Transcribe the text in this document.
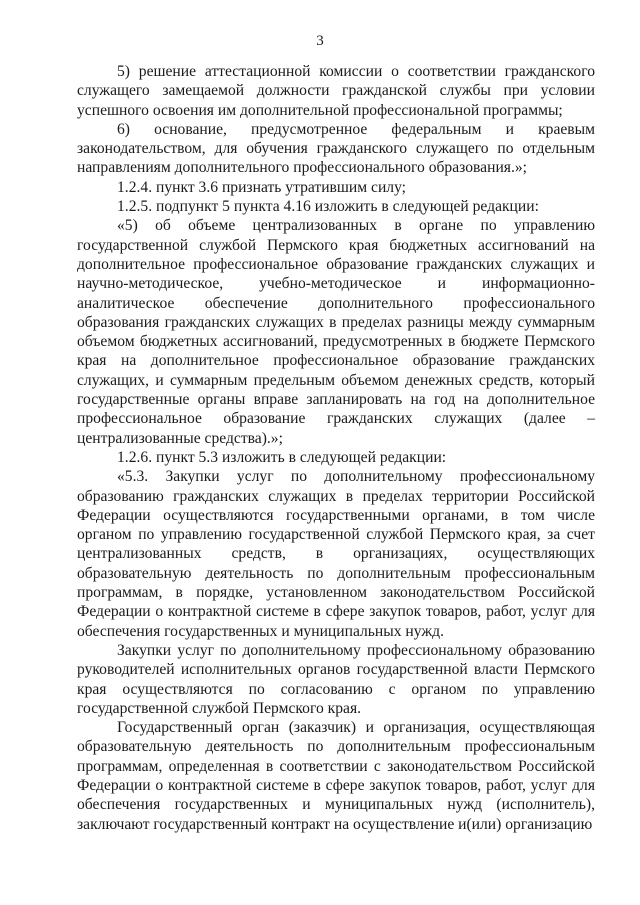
3

5) решение аттестационной комиссии о соответствии гражданского служащего замещаемой должности гражданской службы при условии успешного освоения им дополнительной профессиональной программы;

6) основание, предусмотренное федеральным и краевым законодательством, для обучения гражданского служащего по отдельным направлениям дополнительного профессионального образования.»;

1.2.4. пункт 3.6 признать утратившим силу;

1.2.5. подпункт 5 пункта 4.16 изложить в следующей редакции:

«5) об объеме централизованных в органе по управлению государственной службой Пермского края бюджетных ассигнований на дополнительное профессиональное образование гражданских служащих и научно-методическое, учебно-методическое и информационно-аналитическое обеспечение дополнительного профессионального образования гражданских служащих в пределах разницы между суммарным объемом бюджетных ассигнований, предусмотренных в бюджете Пермского края на дополнительное профессиональное образование гражданских служащих, и суммарным предельным объемом денежных средств, который государственные органы вправе запланировать на год на дополнительное профессиональное образование гражданских служащих (далее – централизованные средства).»;

1.2.6. пункт 5.3 изложить в следующей редакции:

«5.3. Закупки услуг по дополнительному профессиональному образованию гражданских служащих в пределах территории Российской Федерации осуществляются государственными органами, в том числе органом по управлению государственной службой Пермского края, за счет централизованных средств, в организациях, осуществляющих образовательную деятельность по дополнительным профессиональным программам, в порядке, установленном законодательством Российской Федерации о контрактной системе в сфере закупок товаров, работ, услуг для обеспечения государственных и муниципальных нужд.

Закупки услуг по дополнительному профессиональному образованию руководителей исполнительных органов государственной власти Пермского края осуществляются по согласованию с органом по управлению государственной службой Пермского края.

Государственный орган (заказчик) и организация, осуществляющая образовательную деятельность по дополнительным профессиональным программам, определенная в соответствии с законодательством Российской Федерации о контрактной системе в сфере закупок товаров, работ, услуг для обеспечения государственных и муниципальных нужд (исполнитель), заключают государственный контракт на осуществление и(или) организацию
